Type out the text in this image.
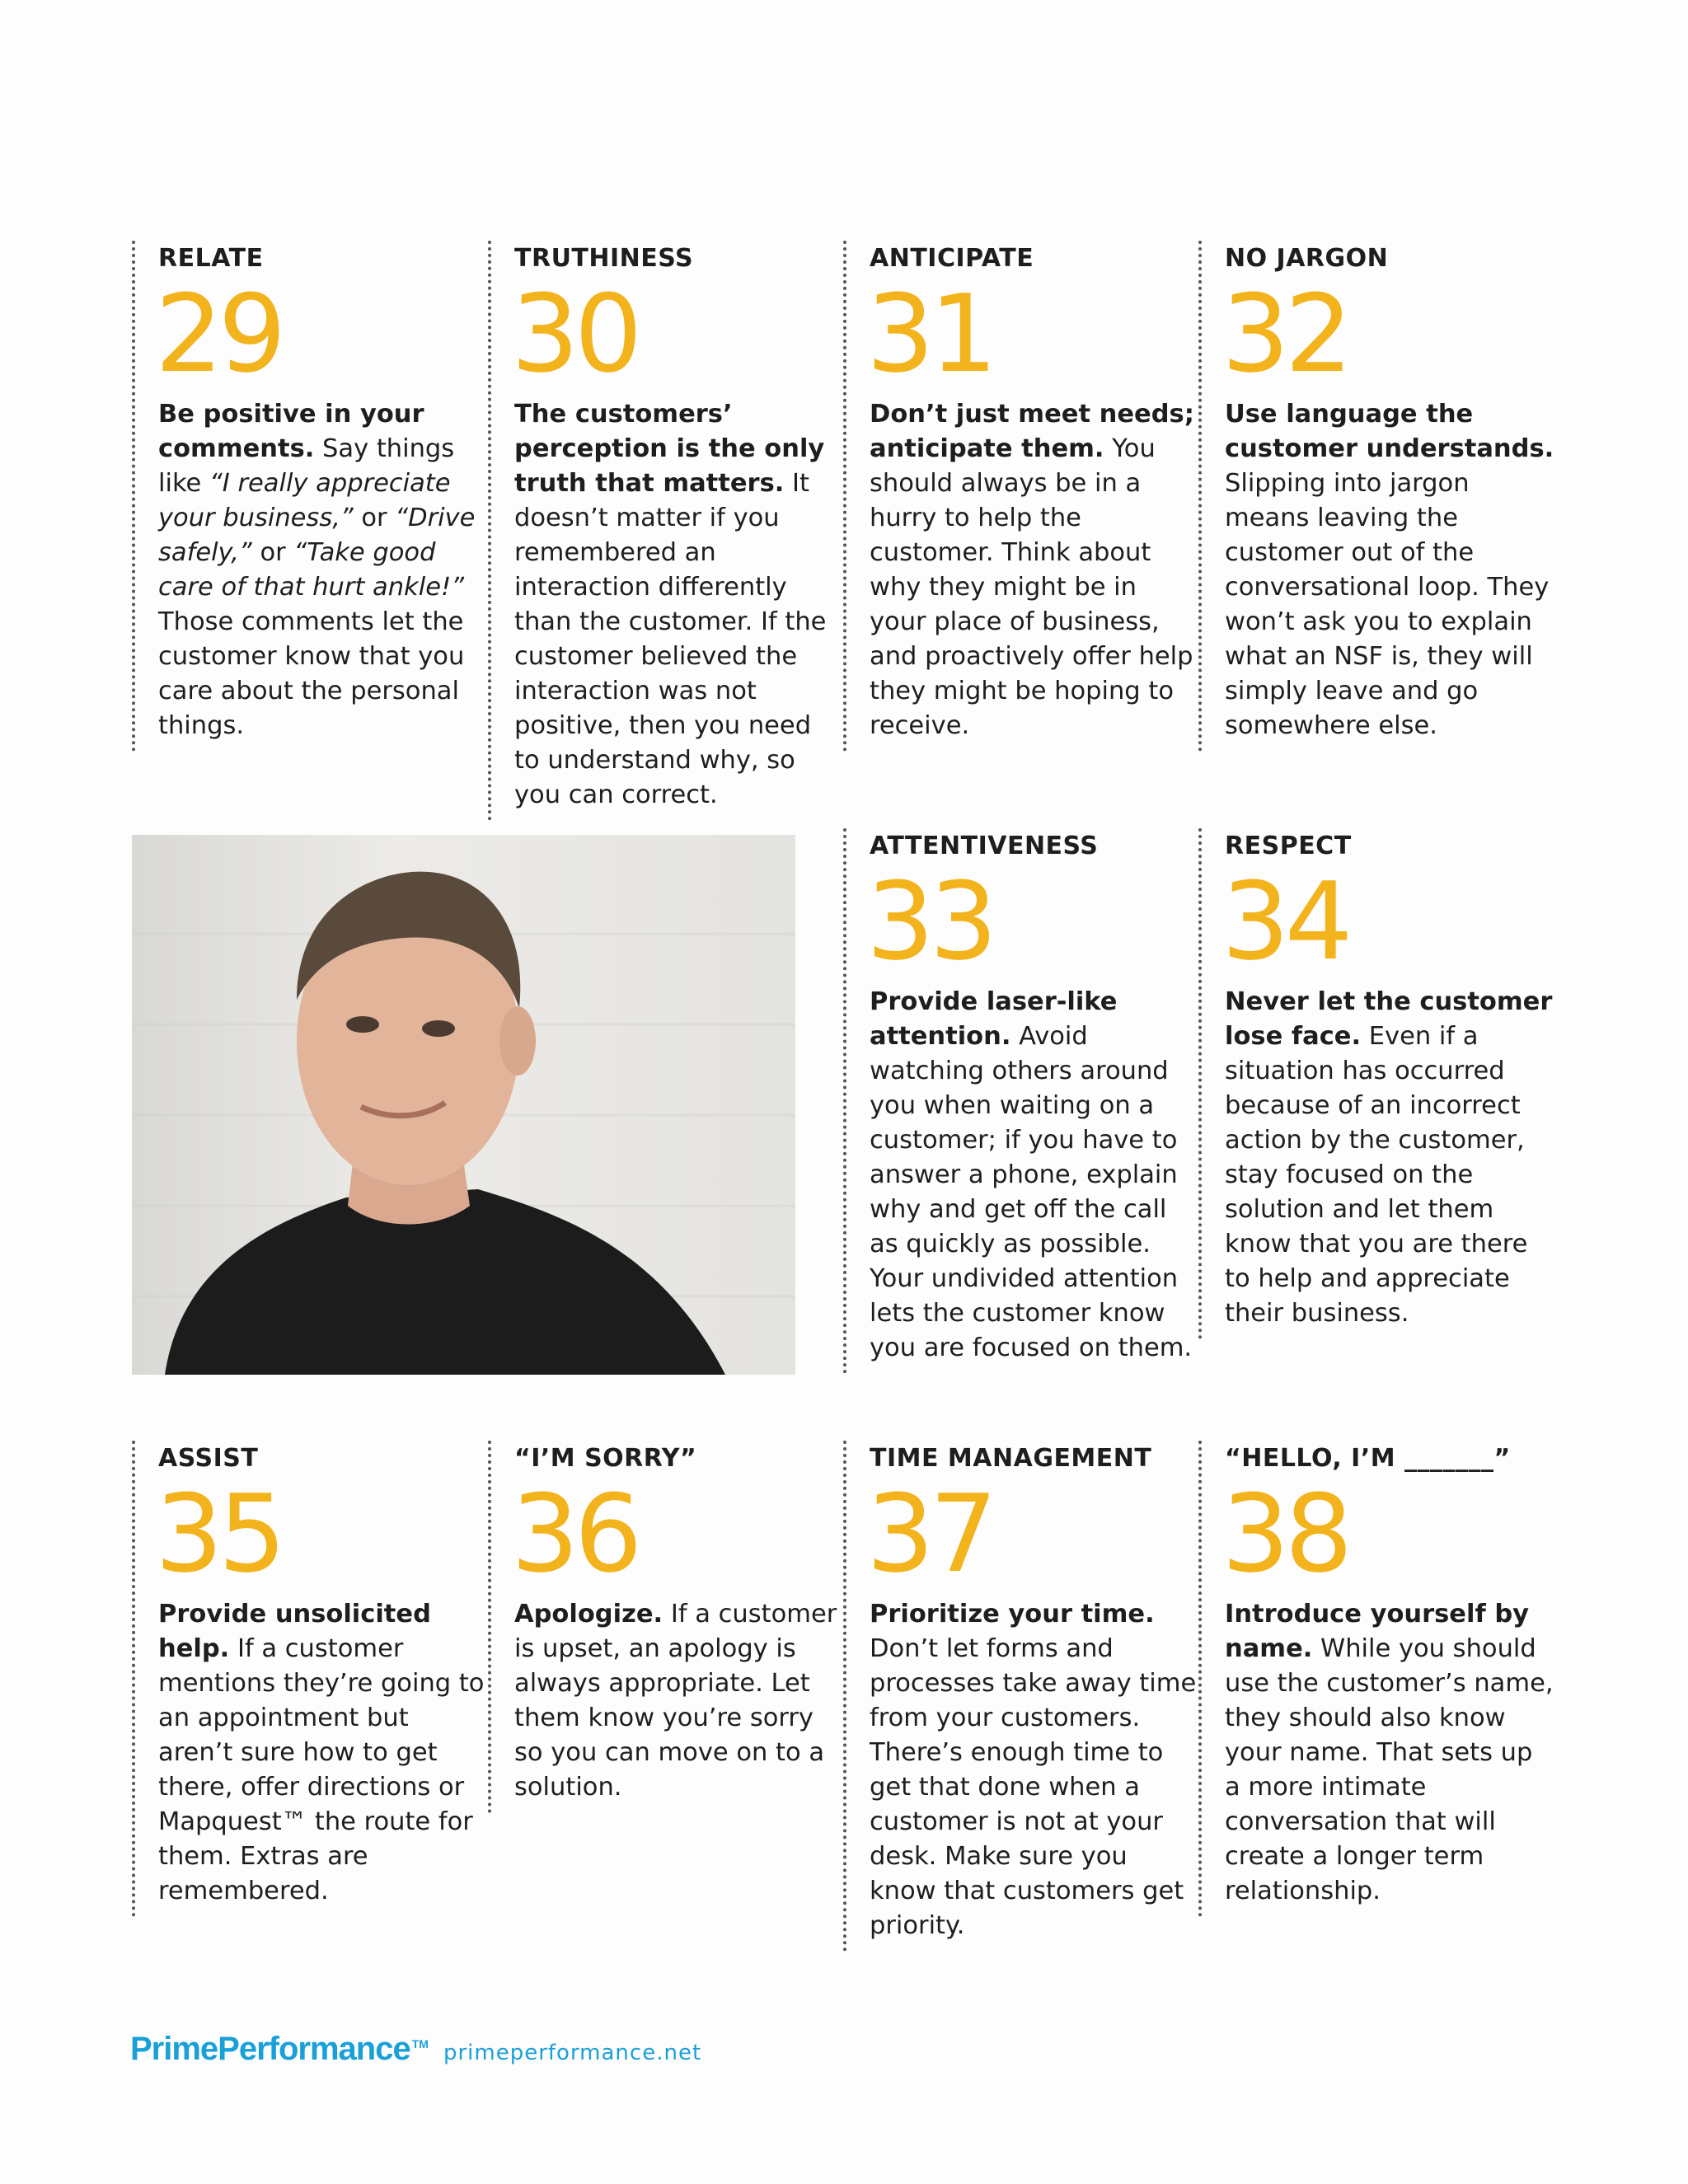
RELATE
29

Be positive in your comments. Say things like “I really appreciate your business,” or “Drive safely,” or “Take good care of that hurt ankle!” Those comments let the customer know that you care about the personal things.

TRUTHINESS
30

The customers’ perception is the only truth that matters. It doesn’t matter if you remembered an interaction differently than the customer. If the customer believed the interaction was not positive, then you need to understand why, so you can correct.

ANTICIPATE
31

Don’t just meet needs; anticipate them. You should always be in a hurry to help the customer. Think about why they might be in your place of business, and proactively offer help they might be hoping to receive.

NO JARGON
32

Use language the customer understands. Slipping into jargon means leaving the customer out of the conversational loop. They won’t ask you to explain what an NSF is, they will simply leave and go somewhere else.

ATTENTIVENESS
33

Provide laser-like attention. Avoid watching others around you when waiting on a customer; if you have to answer a phone, explain why and get off the call as quickly as possible. Your undivided attention lets the customer know you are focused on them.

RESPECT
34

Never let the customer lose face. Even if a situation has occurred because of an incorrect action by the customer, stay focused on the solution and let them know that you are there to help and appreciate their business.

ASSIST
35

Provide unsolicited help. If a customer mentions they’re going to an appointment but aren’t sure how to get there, offer directions or Mapquest™ the route for them. Extras are remembered.

“I’M SORRY”
36

Apologize. If a customer is upset, an apology is always appropriate. Let them know you’re sorry so you can move on to a solution.

TIME MANAGEMENT
37

Prioritize your time. Don’t let forms and processes take away time from your customers. There’s enough time to get that done when a customer is not at your desk. Make sure you know that customers get priority.

“HELLO, I’M _______”
38

Introduce yourself by name. While you should use the customer’s name, they should also know your name. That sets up a more intimate conversation that will create a longer term relationship.

PrimePerformance ™ primeperformance.net
